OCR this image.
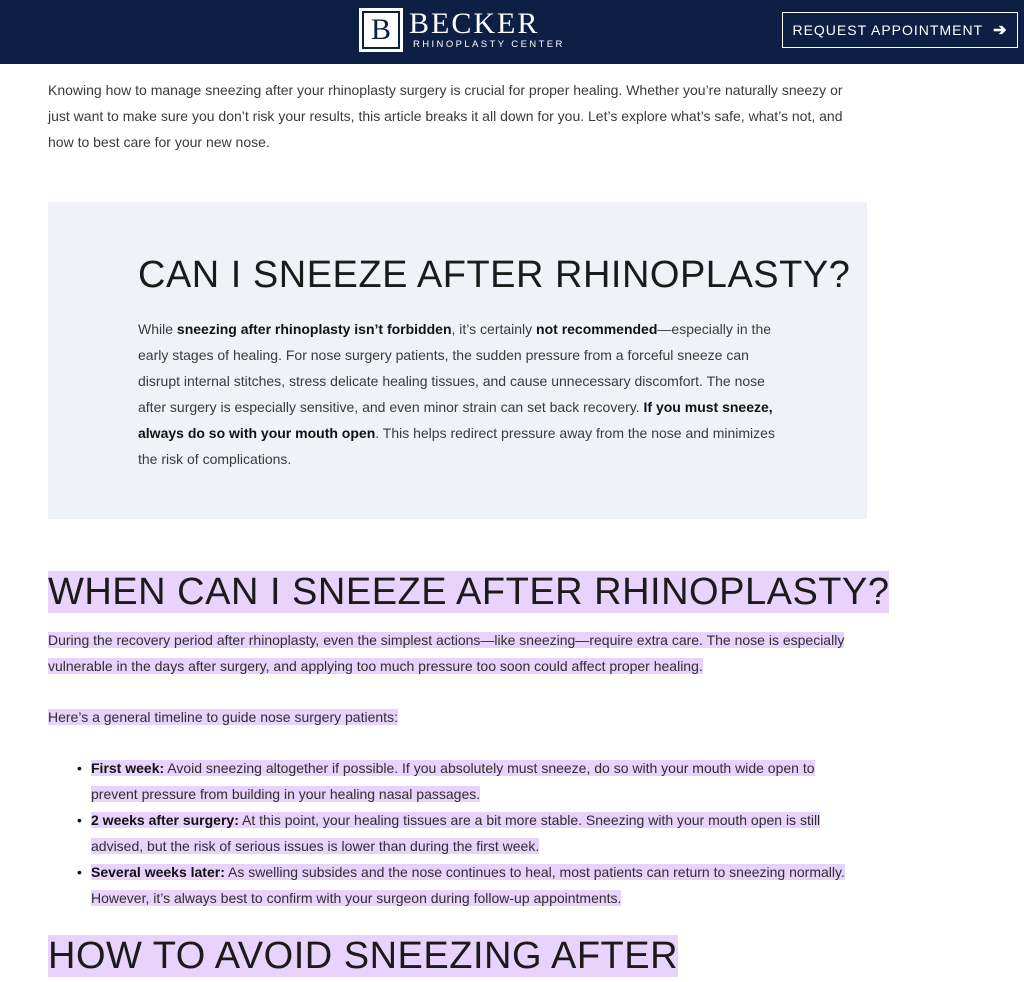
B BECKER
RHINOPLASTY CENTER
REQUEST APPOINTMENT ➔

Knowing how to manage sneezing after your rhinoplasty surgery is crucial for proper healing. Whether you’re naturally sneezy or just want to make sure you don’t risk your results, this article breaks it all down for you. Let’s explore what’s safe, what’s not, and how to best care for your new nose.

CAN I SNEEZE AFTER RHINOPLASTY?

While sneezing after rhinoplasty isn’t forbidden, it’s certainly not recommended—especially in the early stages of healing. For nose surgery patients, the sudden pressure from a forceful sneeze can disrupt internal stitches, stress delicate healing tissues, and cause unnecessary discomfort. The nose after surgery is especially sensitive, and even minor strain can set back recovery. If you must sneeze, always do so with your mouth open. This helps redirect pressure away from the nose and minimizes the risk of complications.

WHEN CAN I SNEEZE AFTER RHINOPLASTY?

During the recovery period after rhinoplasty, even the simplest actions—like sneezing—require extra care. The nose is especially vulnerable in the days after surgery, and applying too much pressure too soon could affect proper healing.

Here’s a general timeline to guide nose surgery patients:

• First week: Avoid sneezing altogether if possible. If you absolutely must sneeze, do so with your mouth wide open to prevent pressure from building in your healing nasal passages.
• 2 weeks after surgery: At this point, your healing tissues are a bit more stable. Sneezing with your mouth open is still advised, but the risk of serious issues is lower than during the first week.
• Several weeks later: As swelling subsides and the nose continues to heal, most patients can return to sneezing normally. However, it’s always best to confirm with your surgeon during follow-up appointments.
HOW TO AVOID SNEEZING AFTER
